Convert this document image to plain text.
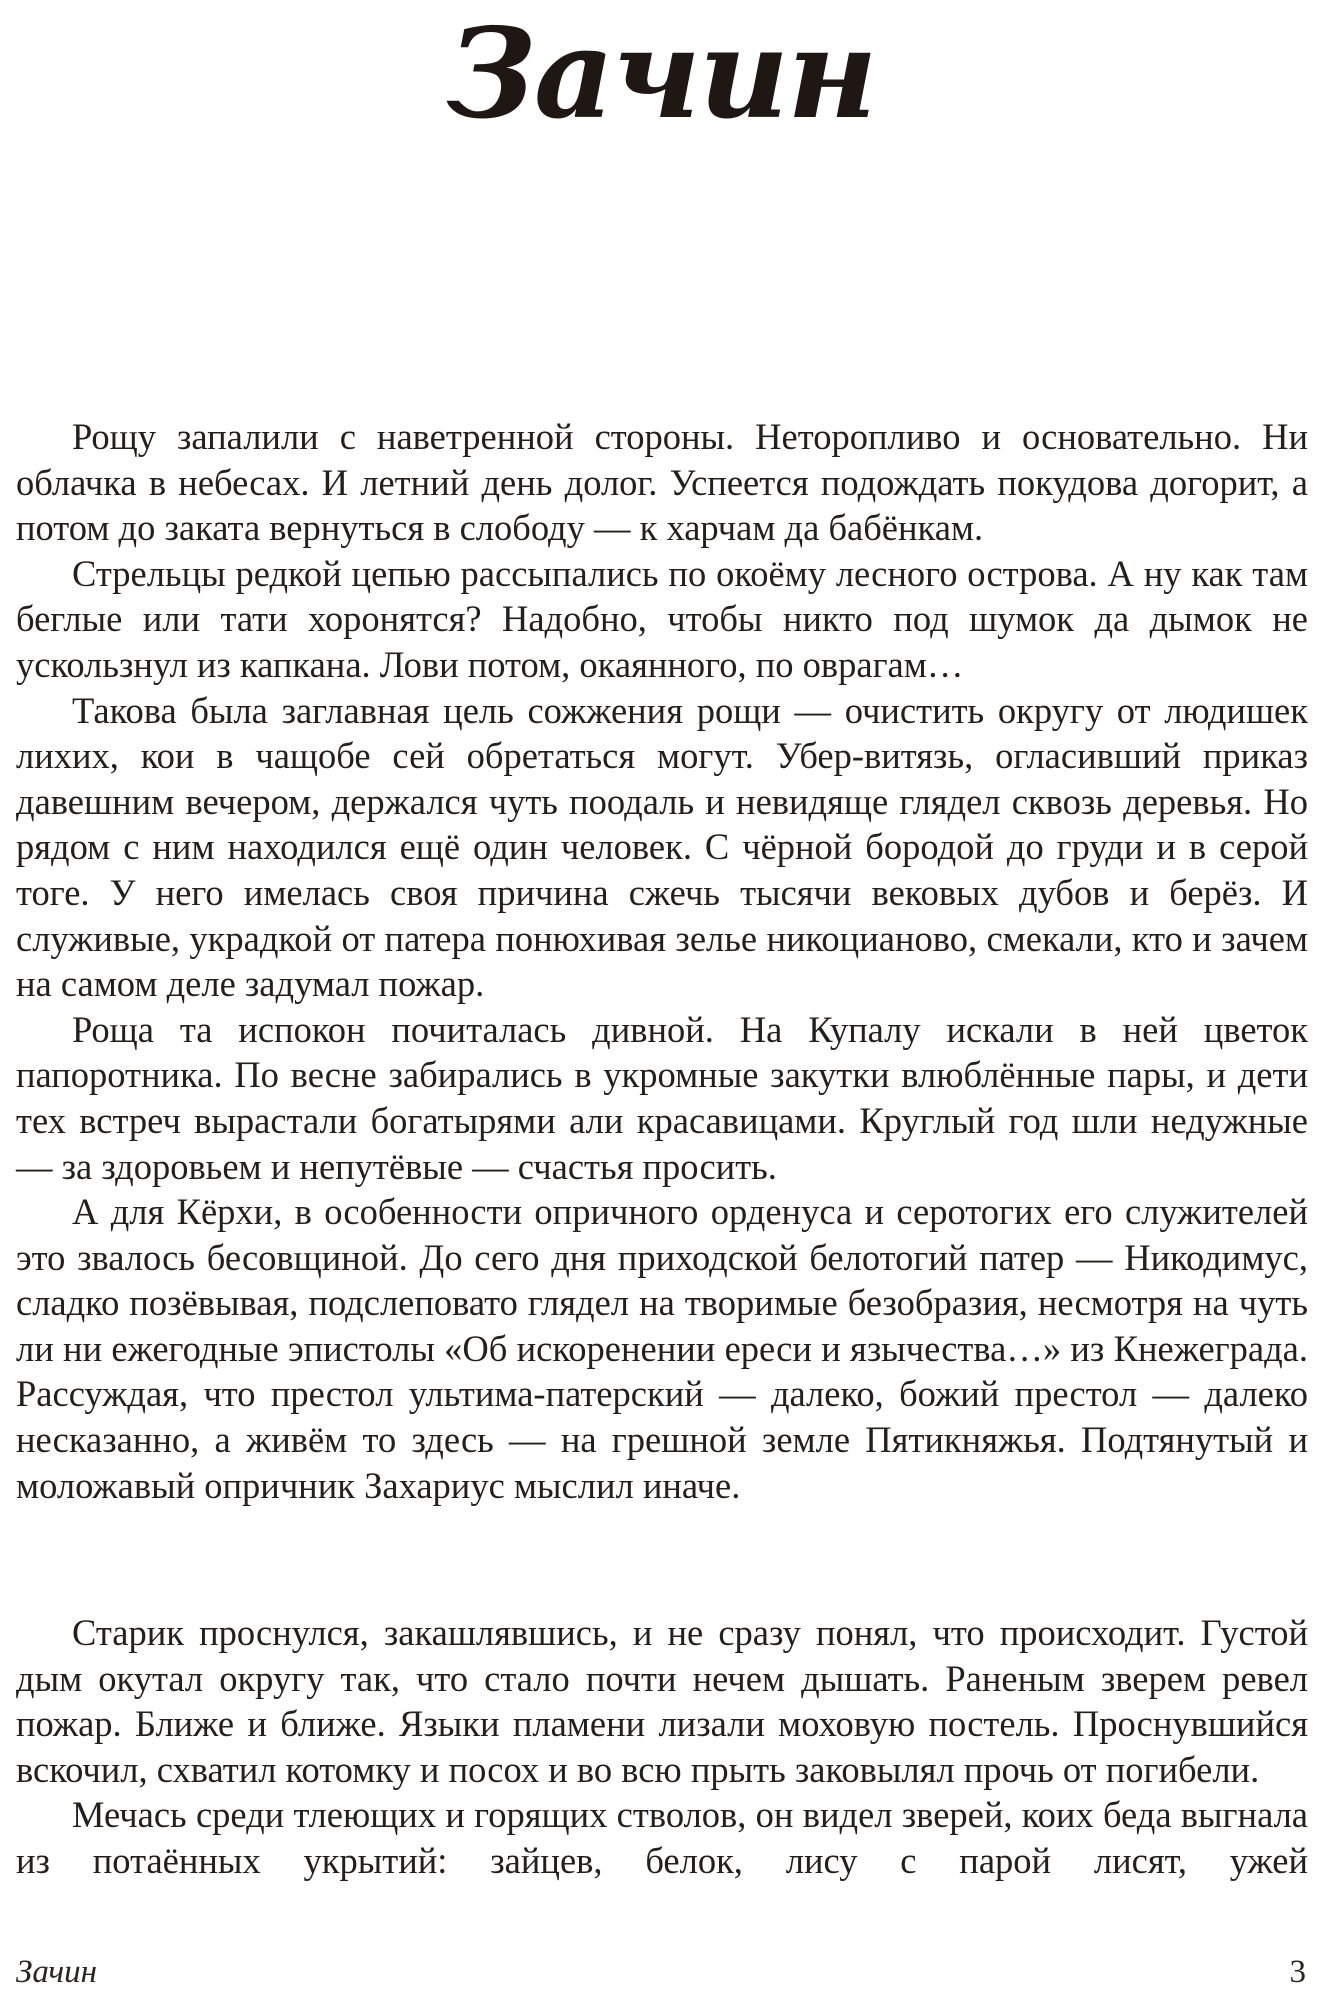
Зачин

Рощу запалили с наветренной стороны. Неторопливо и основательно. Ни облачка в небесах. И летний день долог. Успеется подождать покудова догорит, а потом до заката вернуться в слободу — к харчам да бабёнкам.

Стрельцы редкой цепью рассыпались по окоёму лесного острова. А ну как там беглые или тати хоронятся? Надобно, чтобы никто под шумок да дымок не ускользнул из капкана. Лови потом, окаянного, по оврагам…

Такова была заглавная цель сожжения рощи — очистить округу от людишек лихих, кои в чащобе сей обретаться могут. Убер-витязь, огласивший приказ давешним вечером, держался чуть поодаль и невидяще глядел сквозь деревья. Но рядом с ним находился ещё один человек. С чёрной бородой до груди и в серой тоге. У него имелась своя причина сжечь тысячи вековых дубов и берёз. И служивые, украдкой от патера понюхивая зелье никоцианово, смекали, кто и зачем на самом деле задумал пожар.

Роща та испокон почиталась дивной. На Купалу искали в ней цветок папоротника. По весне забирались в укромные закутки влюблённые пары, и дети тех встреч вырастали богатырями али красавицами. Круглый год шли недужные — за здоровьем и непутёвые — счастья просить.

А для Кёрхи, в особенности опричного орденуса и серотогих его служителей это звалось бесовщиной. До сего дня приходской белотогий патер — Никодимус, сладко позёвывая, подслеповато глядел на творимые безобразия, несмотря на чуть ли ни ежегодные эпистолы «Об искоренении ереси и язычества…» из Кнежеграда. Рассуждая, что престол ультима-патерский — далеко, божий престол — далеко несказанно, а живём то здесь — на грешной земле Пятикняжья. Подтянутый и моложавый опричник Захариус мыслил иначе.

Старик проснулся, закашлявшись, и не сразу понял, что происходит. Густой дым окутал округу так, что стало почти нечем дышать. Раненым зверем ревел пожар. Ближе и ближе. Языки пламени лизали моховую постель. Проснувшийся вскочил, схватил котомку и посох и во всю прыть заковылял прочь от погибели.

Мечась среди тлеющих и горящих стволов, он видел зверей, коих беда выгнала из потаённых укрытий: зайцев, белок, лису с парой лисят, ужей

Зачин	3
